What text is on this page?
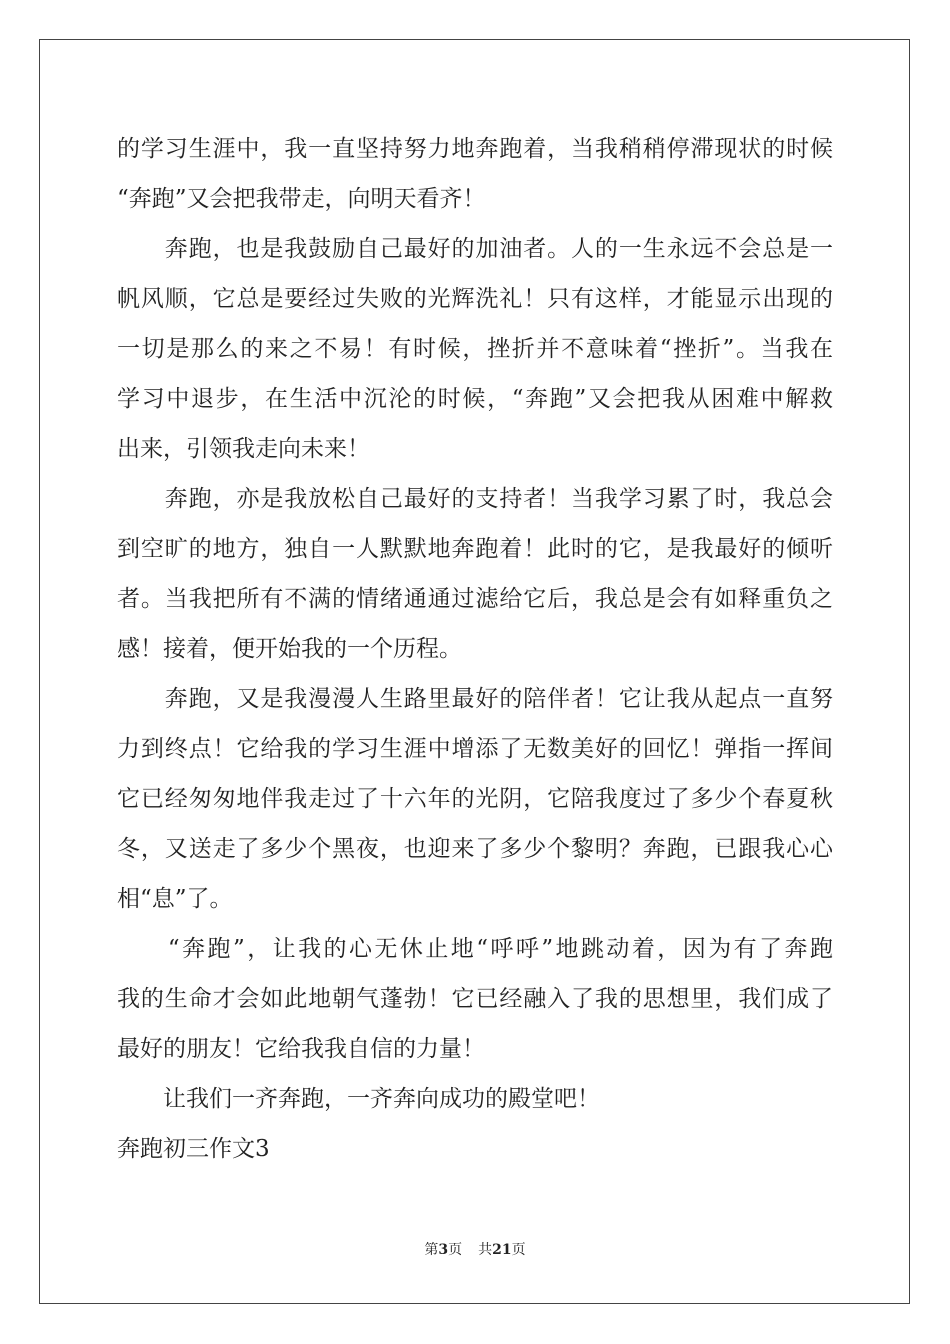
的学习生涯中，我一直坚持努力地奔跑着，当我稍稍停滞现状的时候
“奔跑”又会把我带走，向明天看齐！
　　奔跑，也是我鼓励自己最好的加油者。人的一生永远不会总是一
帆风顺，它总是要经过失败的光辉洗礼！只有这样，才能显示出现的
一切是那么的来之不易！有时候，挫折并不意味着“挫折”。当我在
学习中退步，在生活中沉沦的时候，“奔跑”又会把我从困难中解救
出来，引领我走向未来！
　　奔跑，亦是我放松自己最好的支持者！当我学习累了时，我总会
到空旷的地方，独自一人默默地奔跑着！此时的它，是我最好的倾听
者。当我把所有不满的情绪通通过滤给它后，我总是会有如释重负之
感！接着，便开始我的一个历程。
　　奔跑，又是我漫漫人生路里最好的陪伴者！它让我从起点一直努
力到终点！它给我的学习生涯中增添了无数美好的回忆！弹指一挥间
它已经匆匆地伴我走过了十六年的光阴，它陪我度过了多少个春夏秋
冬，又送走了多少个黑夜，也迎来了多少个黎明？奔跑，已跟我心心
相“息”了。
　　“奔跑”，让我的心无休止地“呼呼”地跳动着，因为有了奔跑
我的生命才会如此地朝气蓬勃！它已经融入了我的思想里，我们成了
最好的朋友！它给我我自信的力量！
　　让我们一齐奔跑，一齐奔向成功的殿堂吧！
奔跑初三作文3
第3页 共21页
